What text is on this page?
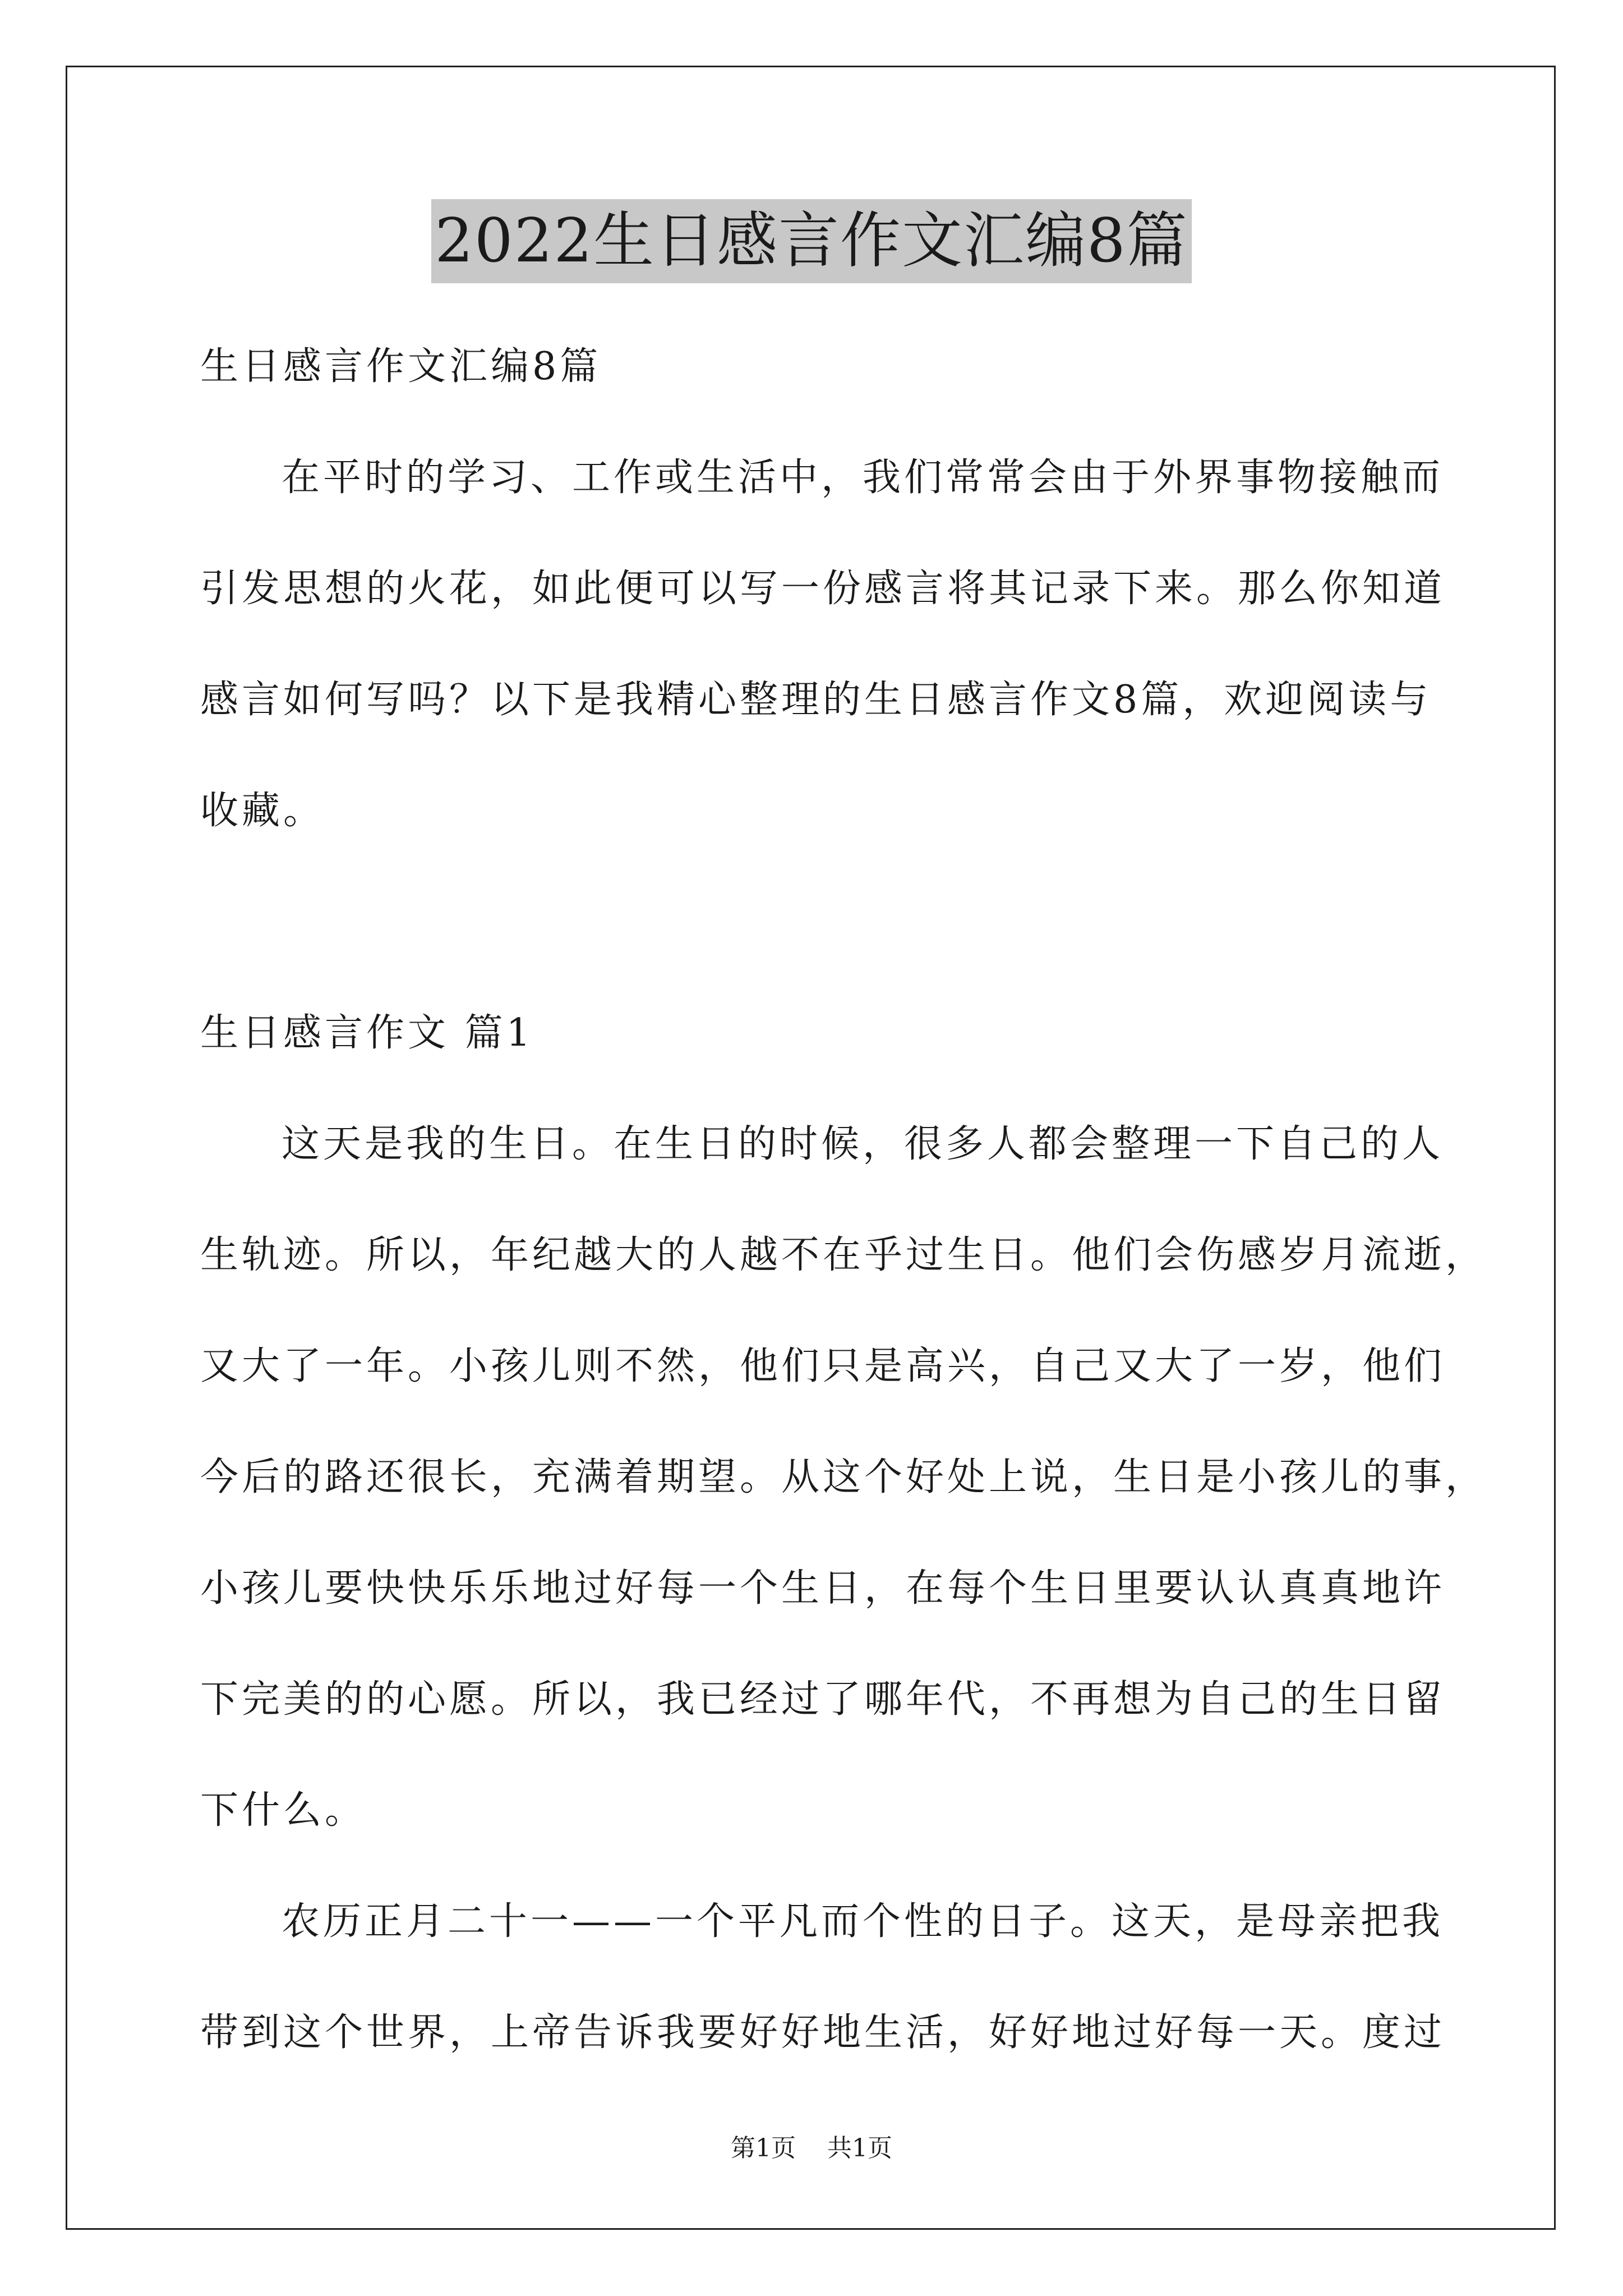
2022生日感言作文汇编8篇
生日感言作文汇编8篇
在平时的学习、工作或生活中，我们常常会由于外界事物接触而
引发思想的火花，如此便可以写一份感言将其记录下来。那么你知道
感言如何写吗？以下是我精心整理的生日感言作文8篇，欢迎阅读与
收藏。
生日感言作文 篇1
这天是我的生日。在生日的时候，很多人都会整理一下自己的人
生轨迹。所以，年纪越大的人越不在乎过生日。他们会伤感岁月流逝，
又大了一年。小孩儿则不然，他们只是高兴，自己又大了一岁，他们
今后的路还很长，充满着期望。从这个好处上说，生日是小孩儿的事，
小孩儿要快快乐乐地过好每一个生日，在每个生日里要认认真真地许
下完美的的心愿。所以，我已经过了哪年代，不再想为自己的生日留
下什么。
农历正月二十一——一个平凡而个性的日子。这天，是母亲把我
带到这个世界，上帝告诉我要好好地生活，好好地过好每一天。度过
第1页 共1页
